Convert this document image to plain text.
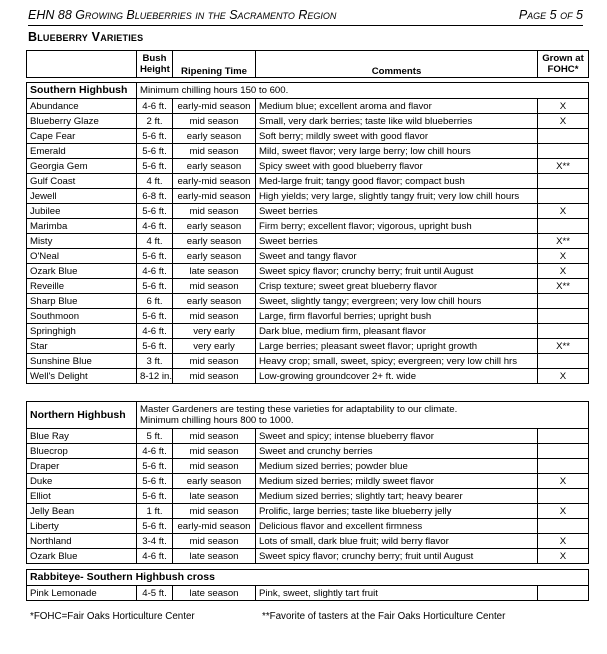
EHN 88 Growing Blueberries in the Sacramento Region	Page 5 of 5
Blueberry Varieties
	Bush Height	Ripening Time	Comments	Grown at FOHC*

Southern Highbush	Minimum chilling hours 150 to 600.			
Abundance	4-6 ft.	early-mid season	Medium blue; excellent aroma and flavor	X
Blueberry Glaze	2 ft.	mid season	Small, very dark berries; taste like wild blueberries	X
Cape Fear	5-6 ft.	early season	Soft berry; mildly sweet with good flavor	
Emerald	5-6 ft.	mid season	Mild, sweet flavor; very large berry; low chill hours	
Georgia Gem	5-6 ft.	early season	Spicy sweet with good blueberry flavor	X**
Gulf Coast	4 ft.	early-mid season	Med-large fruit; tangy good flavor; compact bush	
Jewell	6-8 ft.	early-mid season	High yields; very large, slightly tangy fruit; very low chill hours	
Jubilee	5-6 ft.	mid season	Sweet berries	X
Marimba	4-6 ft.	early season	Firm berry; excellent flavor; vigorous, upright bush	
Misty	4 ft.	early season	Sweet berries	X**
O'Neal	5-6 ft.	early season	Sweet and tangy flavor	X
Ozark Blue	4-6 ft.	late season	Sweet spicy flavor; crunchy berry; fruit until August	X
Reveille	5-6 ft.	mid season	Crisp texture; sweet great blueberry flavor	X**
Sharp Blue	6 ft.	early season	Sweet, slightly tangy; evergreen; very low chill hours	
Southmoon	5-6 ft.	mid season	Large, firm flavorful berries; upright bush	
Springhigh	4-6 ft.	very early	Dark blue, medium firm, pleasant flavor	
Star	5-6 ft.	very early	Large berries; pleasant sweet flavor; upright growth	X**
Sunshine Blue	3 ft.	mid season	Heavy crop; small, sweet, spicy; evergreen; very low chill hrs	
Well's Delight	8-12 in.	mid season	Low-growing groundcover 2+ ft. wide	X
Northern Highbush	Master Gardeners are testing these varieties for adaptability to our climate.
Minimum chilling hours 800 to 1000.			

Blue Ray	5 ft.	mid season	Sweet and spicy; intense blueberry flavor	
Bluecrop	4-6 ft.	mid season	Sweet and crunchy berries	
Draper	5-6 ft.	mid season	Medium sized berries; powder blue	
Duke	5-6 ft.	early season	Medium sized berries; mildly sweet flavor	X
Elliot	5-6 ft.	late season	Medium sized berries; slightly tart; heavy bearer	
Jelly Bean	1 ft.	mid season	Prolific, large berries; taste like blueberry jelly	X
Liberty	5-6 ft.	early-mid season	Delicious flavor and excellent firmness	
Northland	3-4 ft.	mid season	Lots of small, dark blue fruit; wild berry flavor	X
Ozark Blue	4-6 ft.	late season	Sweet spicy flavor; crunchy berry; fruit until August	X
Rabbiteye- Southern Highbush cross
Pink Lemonade	4-5 ft.	late season	Pink, sweet, slightly tart fruit	
*FOHC=Fair Oaks Horticulture Center	**Favorite of tasters at the Fair Oaks Horticulture Center
